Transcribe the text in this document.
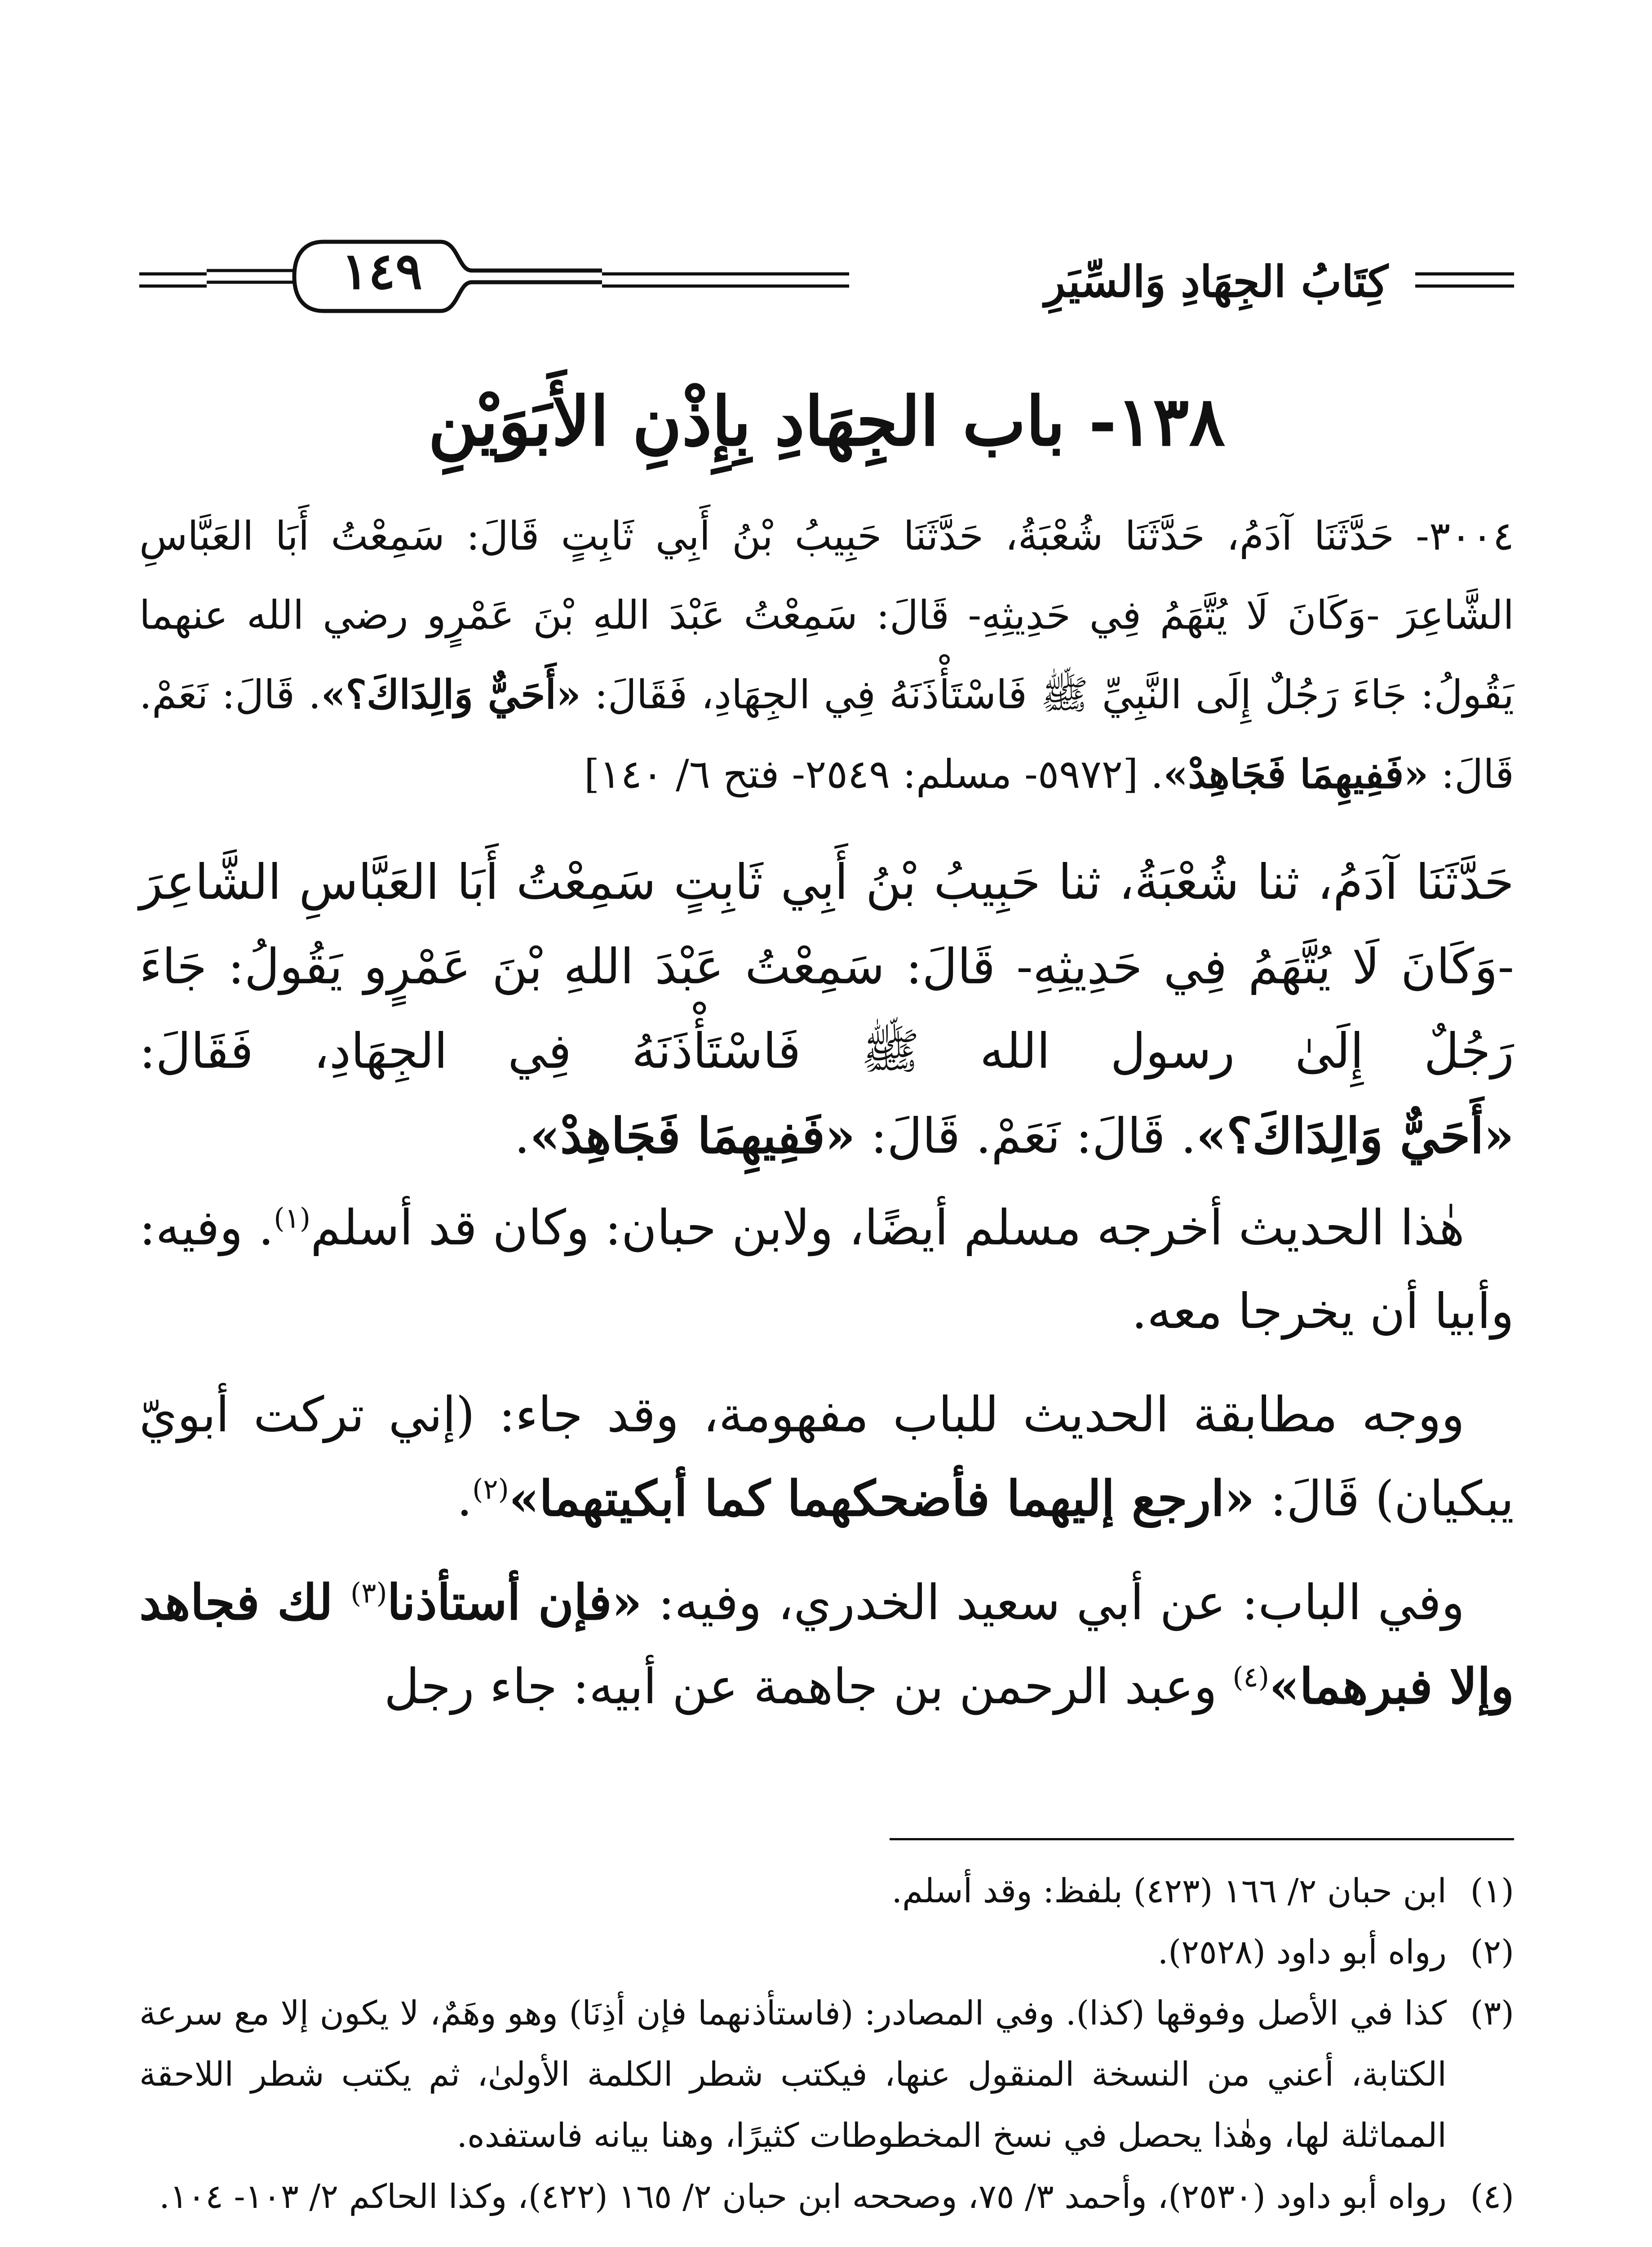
كِتَابُ الجِهَادِ وَالسِّيَرِ
١٤٩
١٣٨- باب الجِهَادِ بِإِذْنِ الأَبَوَيْنِ
٣٠٠٤- حَدَّثَنَا آدَمُ، حَدَّثَنَا شُعْبَةُ، حَدَّثَنَا حَبِيبُ بْنُ أَبِي ثَابِتٍ قَالَ: سَمِعْتُ أَبَا العَبَّاسِ الشَّاعِرَ -وَكَانَ لَا يُتَّهَمُ فِي حَدِيثِهِ- قَالَ: سَمِعْتُ عَبْدَ اللهِ بْنَ عَمْرٍو رضي الله عنهما يَقُولُ: جَاءَ رَجُلٌ إِلَى النَّبِيِّ ﷺ فَاسْتَأْذَنَهُ فِي الجِهَادِ، فَقَالَ: «أَحَيٌّ وَالِدَاكَ؟». قَالَ: نَعَمْ. قَالَ: «فَفِيهِمَا فَجَاهِدْ». [٥٩٧٢- مسلم: ٢٥٤٩- فتح ٦/ ١٤٠]
حَدَّثَنَا آدَمُ، ثنا شُعْبَةُ، ثنا حَبِيبُ بْنُ أَبِي ثَابِتٍ سَمِعْتُ أَبَا العَبَّاسِ الشَّاعِرَ -وَكَانَ لَا يُتَّهَمُ فِي حَدِيثِهِ- قَالَ: سَمِعْتُ عَبْدَ اللهِ بْنَ عَمْرٍو يَقُولُ: جَاءَ رَجُلٌ إِلَىٰ رسول الله ﷺ فَاسْتَأْذَنَهُ فِي الجِهَادِ، فَقَالَ:
«أَحَيٌّ وَالِدَاكَ؟». قَالَ: نَعَمْ. قَالَ: «فَفِيهِمَا فَجَاهِدْ».

هٰذا الحديث أخرجه مسلم أيضًا، ولابن حبان: وكان قد أسلم$^{(١)}$. وفيه: وأبيا أن يخرجا معه.

ووجه مطابقة الحديث للباب مفهومة، وقد جاء: (إني تركت أبويّ يبكيان) قَالَ: «ارجع إليهما فأضحكهما كما أبكيتهما»$^{(٢)}$.

وفي الباب: عن أبي سعيد الخدري، وفيه: «فإن أستأذنا$^{(٣)}$ لك فجاهد وإلا فبرهما»$^{(٤)}$ وعبد الرحمن بن جاهمة عن أبيه: جاء رجل

(١)
ابن حبان ٢/ ١٦٦ (٤٢٣) بلفظ: وقد أسلم.
(٢)
رواه أبو داود (٢٥٢٨).
(٣)
كذا في الأصل وفوقها (كذا). وفي المصادر: (فاستأذنهما فإن أذِنَا) وهو وهَمٌ، لا يكون إلا مع سرعة الكتابة، أعني من النسخة المنقول عنها، فيكتب شطر الكلمة الأولىٰ، ثم يكتب شطر اللاحقة المماثلة لها، وهٰذا يحصل في نسخ المخطوطات كثيرًا، وهنا بيانه فاستفده.
(٤)
رواه أبو داود (٢٥٣٠)، وأحمد ٣/ ٧٥، وصححه ابن حبان ٢/ ١٦٥ (٤٢٢)، وكذا الحاكم ٢/ ١٠٣- ١٠٤.
